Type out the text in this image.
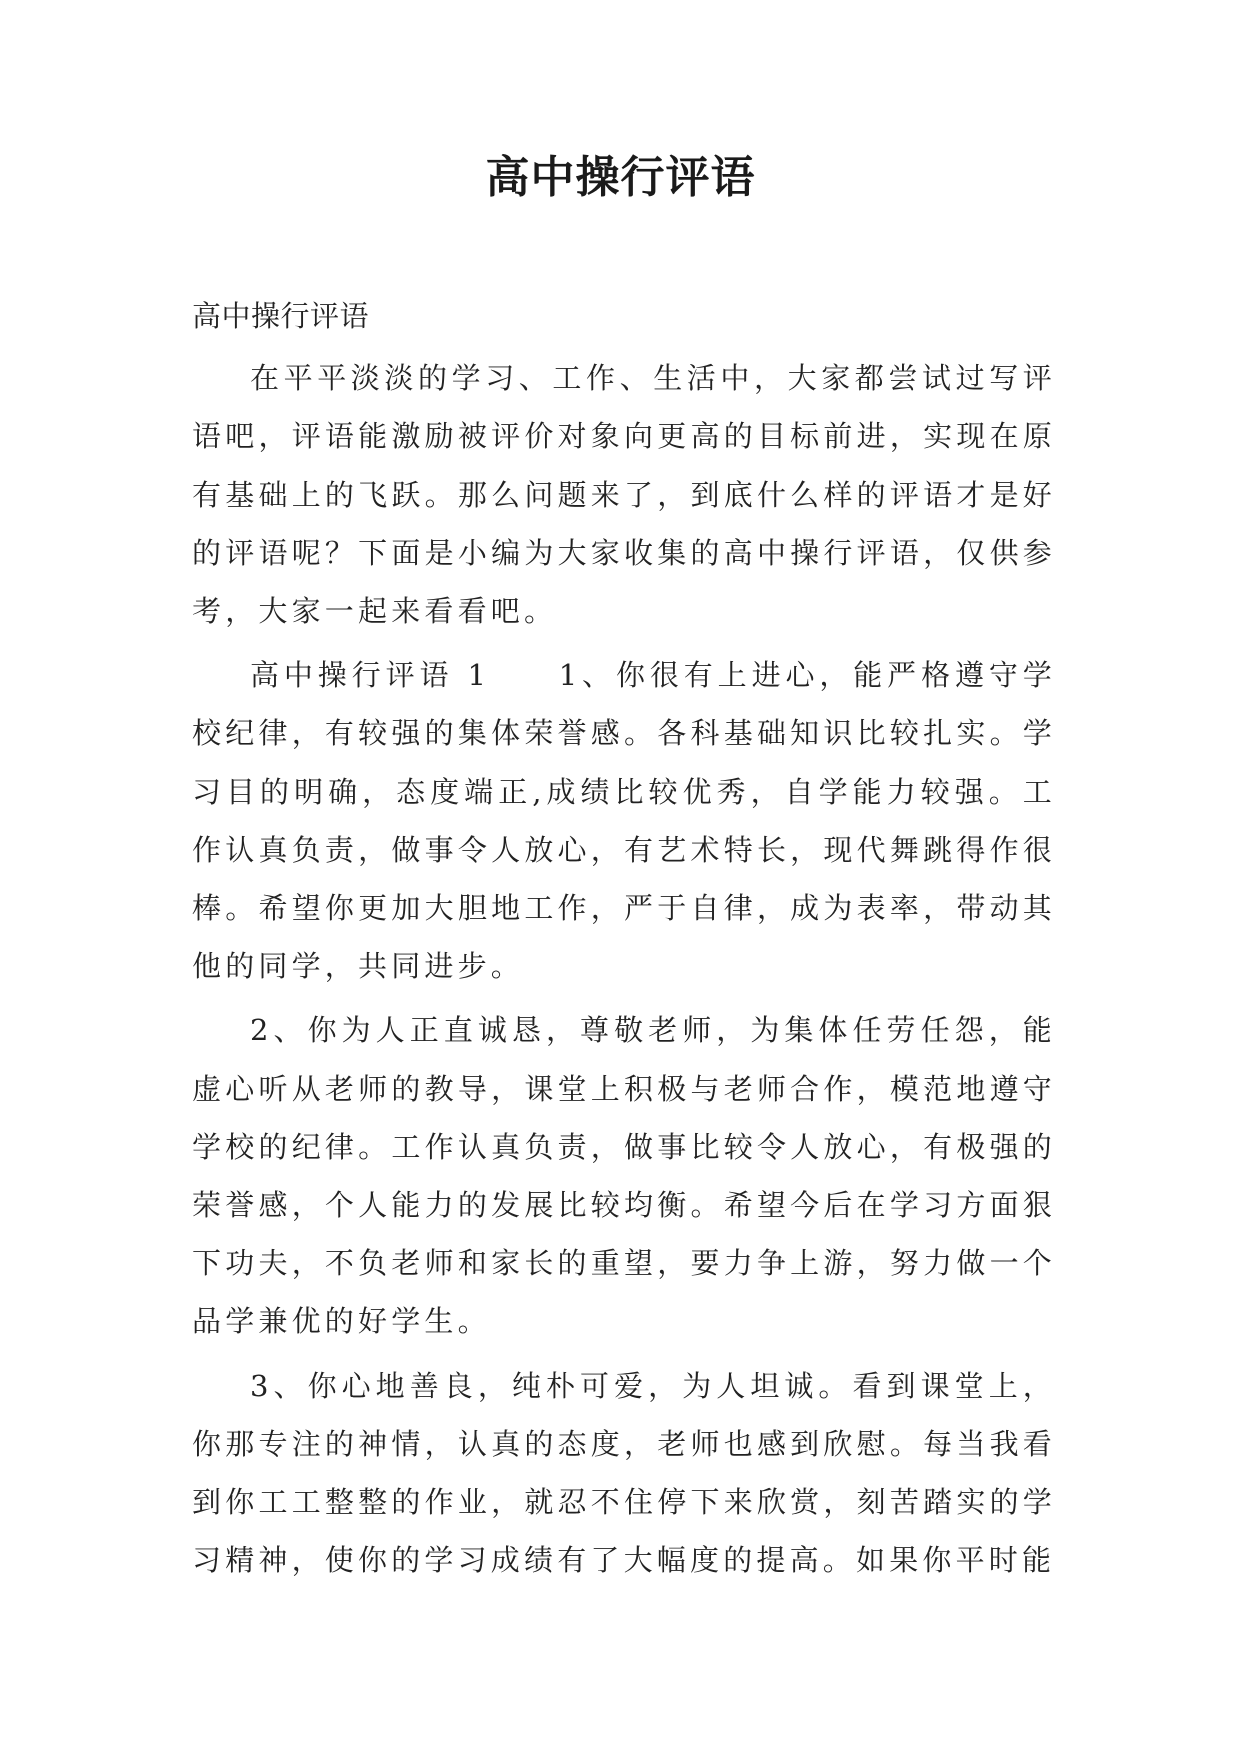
高中操行评语

高中操行评语

在平平淡淡的学习、工作、生活中，大家都尝试过写评语吧，评语能激励被评价对象向更高的目标前进，实现在原有基础上的飞跃。那么问题来了，到底什么样的评语才是好的评语呢？下面是小编为大家收集的高中操行评语，仅供参考，大家一起来看看吧。

高中操行评语 1　　1、你很有上进心，能严格遵守学校纪律，有较强的集体荣誉感。各科基础知识比较扎实。学习目的明确，态度端正,成绩比较优秀，自学能力较强。工作认真负责，做事令人放心，有艺术特长，现代舞跳得作很棒。希望你更加大胆地工作，严于自律，成为表率，带动其他的同学，共同进步。

2、你为人正直诚恳，尊敬老师，为集体任劳任怨，能虚心听从老师的教导，课堂上积极与老师合作，模范地遵守学校的纪律。工作认真负责，做事比较令人放心，有极强的荣誉感，个人能力的发展比较均衡。希望今后在学习方面狠下功夫，不负老师和家长的重望，要力争上游，努力做一个品学兼优的好学生。

3、你心地善良，纯朴可爱，为人坦诚。看到课堂上，你那专注的神情，认真的态度，老师也感到欣慰。每当我看到你工工整整的作业，就忍不住停下来欣赏，刻苦踏实的学习精神，使你的学习成绩有了大幅度的提高。如果你平时能
